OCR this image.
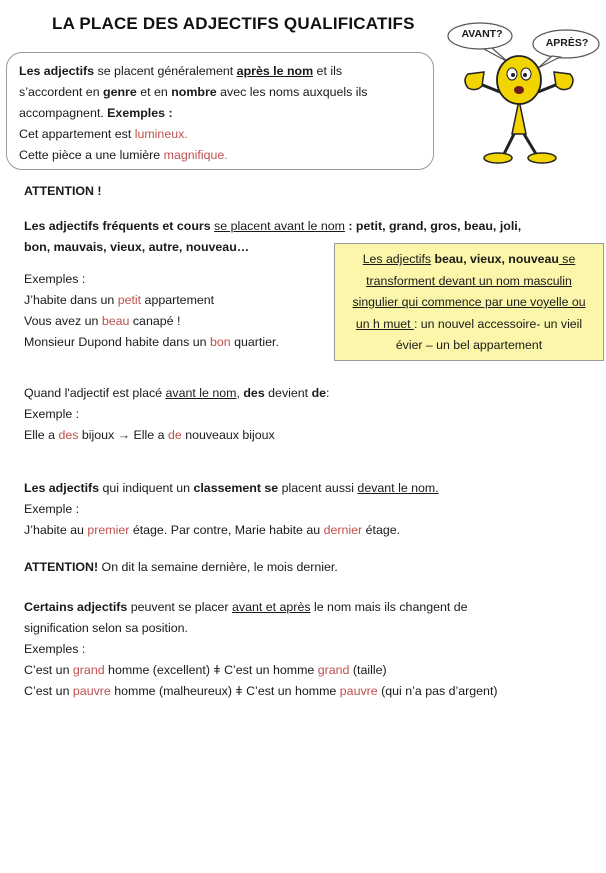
LA PLACE DES ADJECTIFS QUALIFICATIFS
AVANT?
APRÈS?
Les adjectifs se placent généralement après le nom et ils
s’accordent en genre et en nombre avec les noms auxquels ils
accompagnent. Exemples :
Cet appartement est lumineux.
Cette pièce a une lumière magnifique.
ATTENTION !
Les adjectifs fréquents et cours se placent avant le nom : petit, grand, gros, beau, joli,
bon, mauvais, vieux, autre, nouveau…
Exemples :
J’habite dans un petit appartement
Vous avez un beau canapé !
Monsieur Dupond habite dans un bon quartier.
Les adjectifs beau, vieux, nouveau se
transforment devant un nom masculin
singulier qui commence par une voyelle ou
un h muet : un nouvel accessoire- un vieil
évier – un bel appartement
Quand l'adjectif est placé avant le nom, des devient de:
Exemple :
Elle a des bijoux → Elle a de nouveaux bijoux
Les adjectifs qui indiquent un classement se placent aussi devant le nom.
Exemple :
J’habite au premier étage. Par contre, Marie habite au dernier étage.
ATTENTION! On dit la semaine dernière, le mois dernier.
Certains adjectifs peuvent se placer avant et après le nom mais ils changent de
signification selon sa position.
Exemples :
C’est un grand homme (excellent) ǂ C’est un homme grand (taille)
C’est un pauvre homme (malheureux) ǂ C’est un homme pauvre (qui n’a pas d’argent)
